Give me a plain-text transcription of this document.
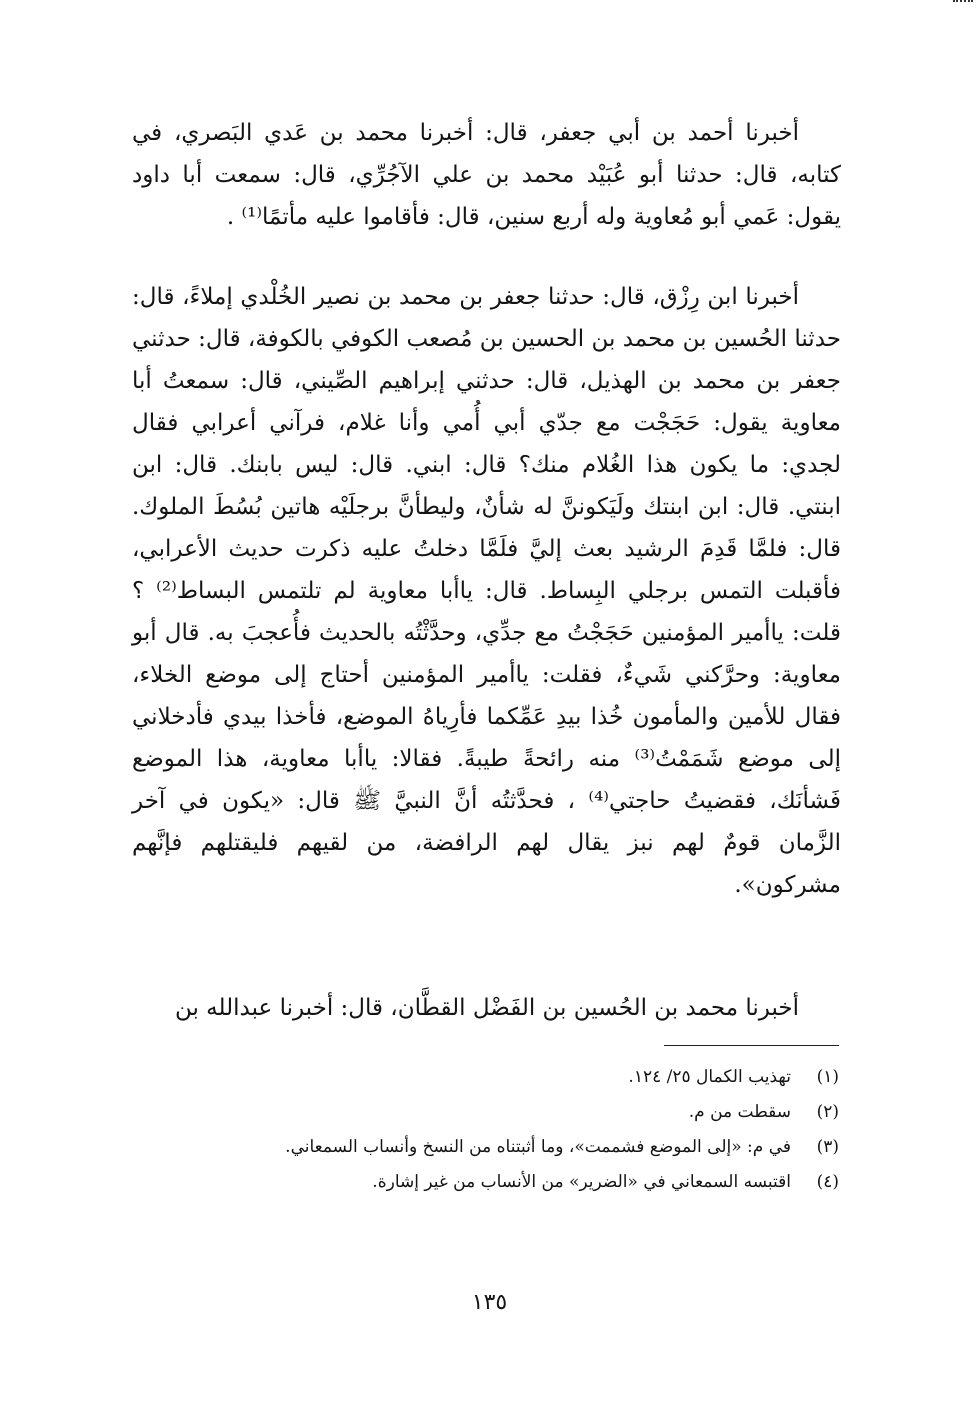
أخبرنا أحمد بن أبي جعفر، قال: أخبرنا محمد بن عَدي البَصري، في كتابه، قال: حدثنا أبو عُبَيْد محمد بن علي الآجُرِّي، قال: سمعت أبا داود يقول: عَمي أبو مُعاوية وله أربع سنين، قال: فأقاموا عليه مأتمًا⁽¹⁾ .

أخبرنا ابن رِزْق، قال: حدثنا جعفر بن محمد بن نصير الخُلْدي إملاءً، قال: حدثنا الحُسين بن محمد بن الحسين بن مُصعب الكوفي بالكوفة، قال: حدثني جعفر بن محمد بن الهذيل، قال: حدثني إبراهيم الصِّيني، قال: سمعتُ أبا معاوية يقول: حَجَجْت مع جدّي أبي أُمي وأنا غلام، فرآني أعرابي فقال لجدي: ما يكون هذا الغُلام منك؟ قال: ابني. قال: ليس بابنك. قال: ابن ابنتي. قال: ابن ابنتك ولَيَكوننَّ له شأنٌ، وليطأنَّ برجلَيْه هاتين بُسُطَ الملوك. قال: فلمَّا قَدِمَ الرشيد بعث إليَّ فلَمَّا دخلتُ عليه ذكرت حديث الأعرابي، فأقبلت التمس برجلي البِساط. قال: ياأبا معاوية لم تلتمس البساط⁽²⁾ ؟ قلت: ياأمير المؤمنين حَجَجْتُ مع جدِّي، وحدَّثْتُه بالحديث فأُعجبَ به. قال أبو معاوية: وحرَّكني شَيءٌ، فقلت: ياأمير المؤمنين أحتاج إلى موضع الخلاء، فقال للأمين والمأمون خُذا بيدِ عَمِّكما فأرِياهُ الموضع، فأخذا بيدي فأدخلاني إلى موضع شَمَمْتُ⁽³⁾ منه رائحةً طيبةً. فقالا: ياأبا معاوية، هذا الموضع فَشأنَك، فقضيتُ حاجتي⁽⁴⁾ ، فحدَّثتُه أنَّ النبيَّ ﷺ قال: «يكون في آخر الزَّمان قومٌ لهم نبز يقال لهم الرافضة، من لقيهم فليقتلهم فإنَّهم مشركون».

أخبرنا محمد بن الحُسين بن الفَضْل القطَّان، قال: أخبرنا عبدالله بن

(١)تهذيب الكمال ٢٥/ ١٢٤.
(٢)سقطت من م.
(٣)في م: «إلى الموضع فشممت»، وما أثبتناه من النسخ وأنساب السمعاني.
(٤)اقتبسه السمعاني في «الضرير» من الأنساب من غير إشارة.
١٣٥
